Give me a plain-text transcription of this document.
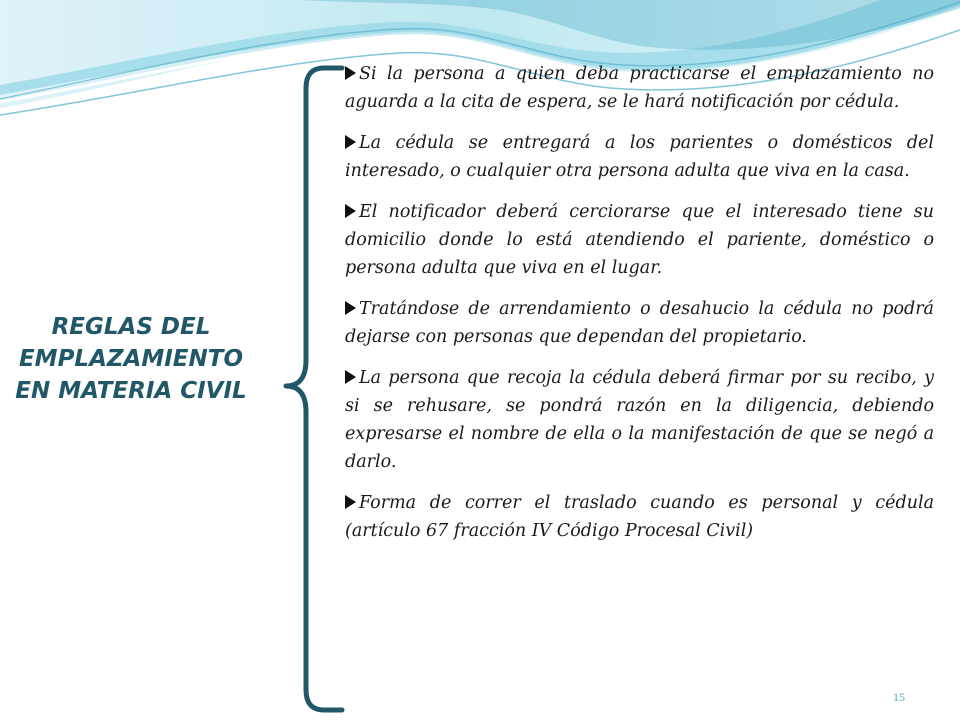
REGLAS DEL
EMPLAZAMIENTO
EN MATERIA CIVIL
Si la persona a quien deba practicarse el emplazamiento no aguarda a la cita de espera, se le hará notificación por cédula.
La cédula se entregará a los parientes o domésticos del interesado, o cualquier otra persona adulta que viva en la casa.
El notificador deberá cerciorarse que el interesado tiene su domicilio donde lo está atendiendo el pariente, doméstico o persona adulta que viva en el lugar.
Tratándose de arrendamiento o desahucio la cédula no podrá dejarse con personas que dependan del propietario.
La persona que recoja la cédula deberá firmar por su recibo, y si se rehusare, se pondrá razón en la diligencia, debiendo expresarse el nombre de ella o la manifestación de que se negó a darlo.
Forma de correr el traslado cuando es personal y cédula (artículo 67 fracción IV Código Procesal Civil)
15
